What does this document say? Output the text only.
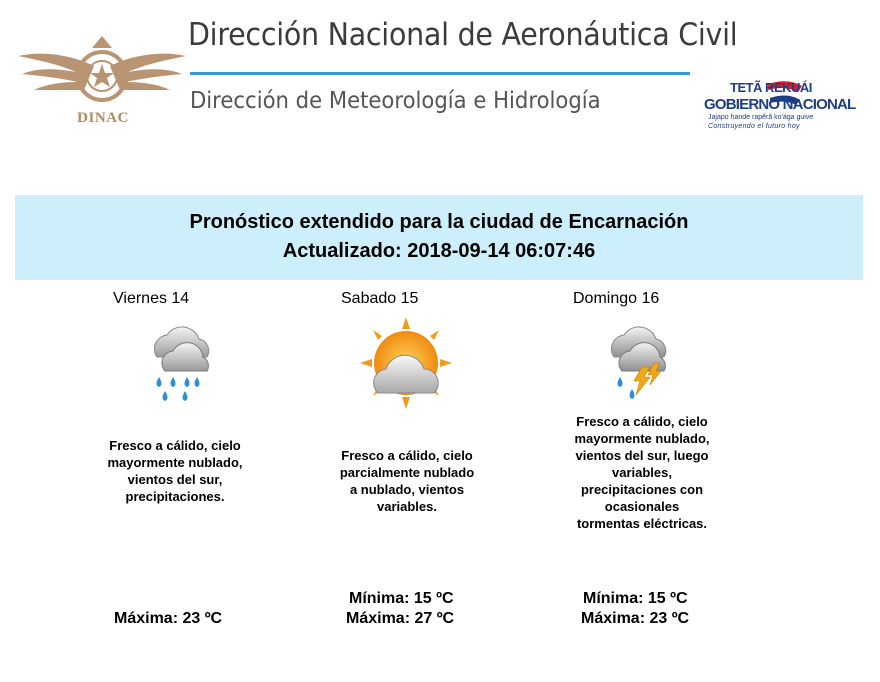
DINAC
Dirección Nacional de Aeronáutica Civil
Dirección de Meteorología e Hidrología
TETÃ REKUÁI
GOBIERNO NACIONAL
Jajapo hande rapẽrã ko'ága guive
Construyendo el futuro hoy
Pronóstico extendido para la ciudad de Encarnación
Actualizado: 2018-09-14 06:07:46
Viernes 14
Fresco a cálido, cielo mayormente nublado, vientos del sur, precipitaciones.
Máxima: 23 ºC
Sabado 15
Fresco a cálido, cielo parcialmente nublado a nublado, vientos variables.
Mínima: 15 ºC
Máxima: 27 ºC
Domingo 16
Fresco a cálido, cielo mayormente nublado, vientos del sur, luego variables, precipitaciones con ocasionales tormentas eléctricas.
Mínima: 15 ºC
Máxima: 23 ºC
